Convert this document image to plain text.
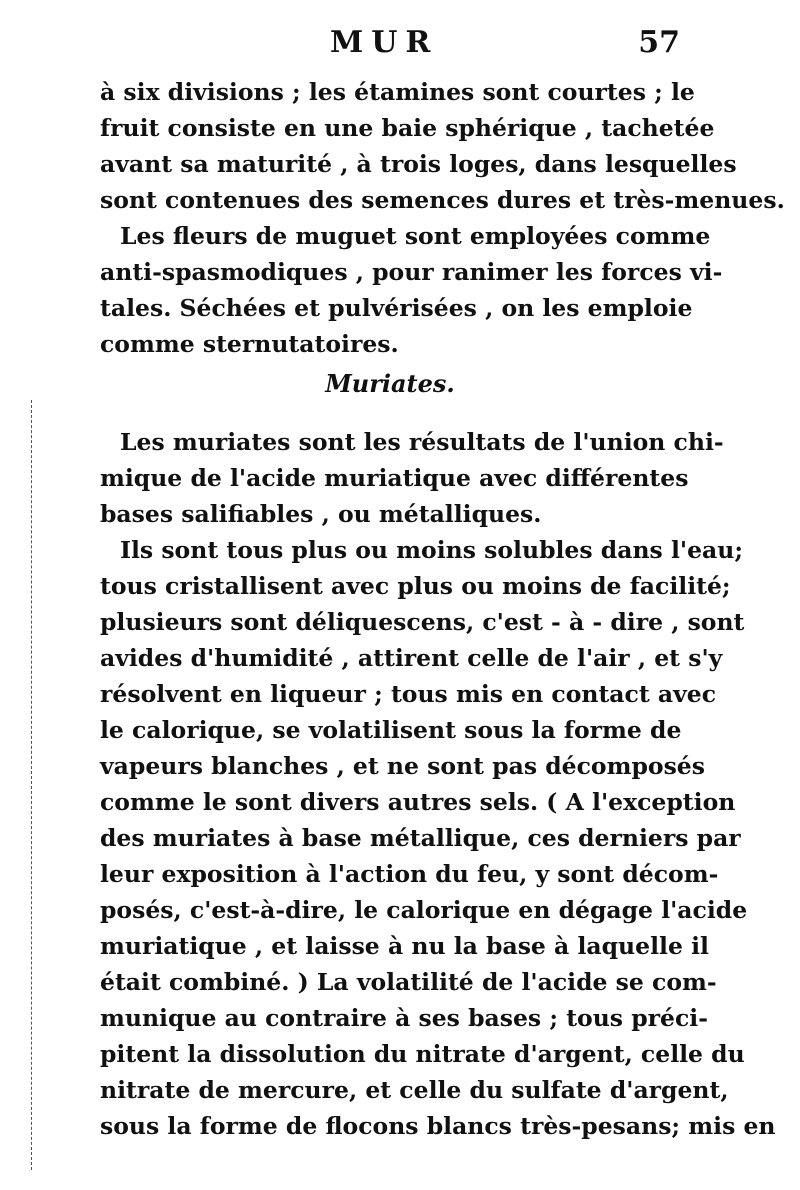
MUR	57
à six divisions ; les étamines sont courtes ; le
fruit consiste en une baie sphérique , tachetée
avant sa maturité , à trois loges, dans lesquelles
sont contenues des semences dures et très-menues.
Les fleurs de muguet sont employées comme
anti-spasmodiques , pour ranimer les forces vi-
tales. Séchées et pulvérisées , on les emploie
comme sternutatoires.
Muriates.
Les muriates sont les résultats de l'union chi-
mique de l'acide muriatique avec différentes
bases salifiables , ou métalliques.
Ils sont tous plus ou moins solubles dans l'eau;
tous cristallisent avec plus ou moins de facilité;
plusieurs sont déliquescens, c'est - à - dire , sont
avides d'humidité , attirent celle de l'air , et s'y
résolvent en liqueur ; tous mis en contact avec
le calorique, se volatilisent sous la forme de
vapeurs blanches , et ne sont pas décomposés
comme le sont divers autres sels. ( A l'exception
des muriates à base métallique, ces derniers par
leur exposition à l'action du feu, y sont décom-
posés, c'est-à-dire, le calorique en dégage l'acide
muriatique , et laisse à nu la base à laquelle il
était combiné. ) La volatilité de l'acide se com-
munique au contraire à ses bases ; tous préci-
pitent la dissolution du nitrate d'argent, celle du
nitrate de mercure, et celle du sulfate d'argent,
sous la forme de flocons blancs très-pesans; mis en
